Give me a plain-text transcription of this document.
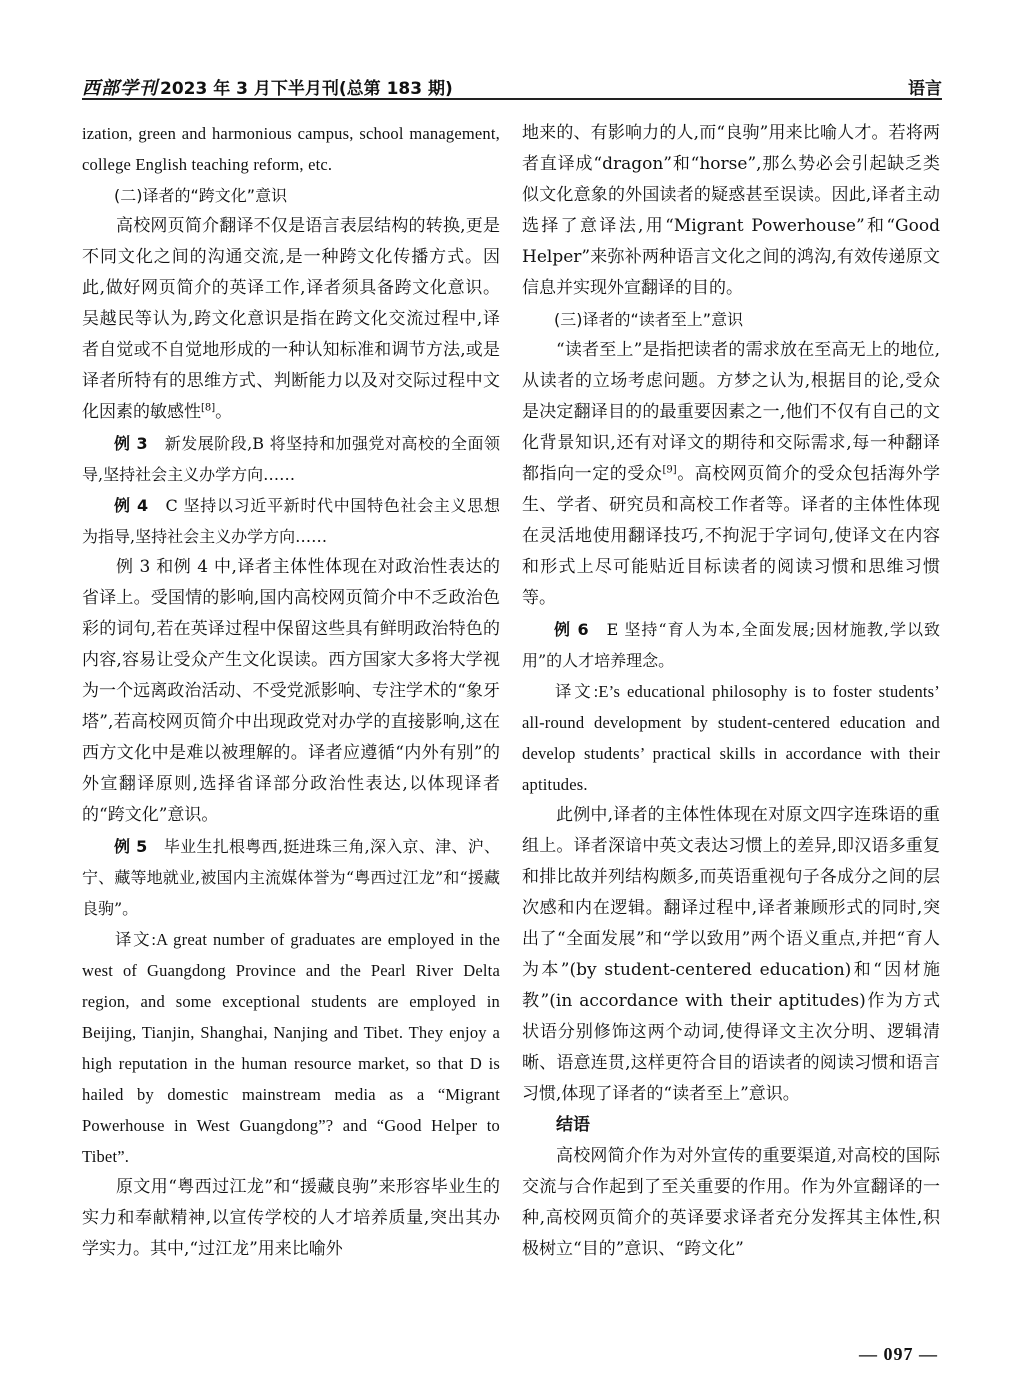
西部学刊 2023 年 3 月下半月刊(总第 183 期)	语言

ization, green and harmonious campus, school management, college English teaching reform, etc.

(二)译者的“跨文化”意识

高校网页简介翻译不仅是语言表层结构的转换,更是不同文化之间的沟通交流,是一种跨文化传播方式。因此,做好网页简介的英译工作,译者须具备跨文化意识。吴越民等认为,跨文化意识是指在跨文化交流过程中,译者自觉或不自觉地形成的一种认知标准和调节方法,或是译者所特有的思维方式、判断能力以及对交际过程中文化因素的敏感性[8]。

例 3　 新发展阶段,B 将坚持和加强党对高校的全面领导,坚持社会主义办学方向……

例 4　 C 坚持以习近平新时代中国特色社会主义思想为指导,坚持社会主义办学方向……

例 3 和例 4 中,译者主体性体现在对政治性表达的省译上。受国情的影响,国内高校网页简介中不乏政治色彩的词句,若在英译过程中保留这些具有鲜明政治特色的内容,容易让受众产生文化误读。西方国家大多将大学视为一个远离政治活动、不受党派影响、专注学术的“象牙塔”,若高校网页简介中出现政党对办学的直接影响,这在西方文化中是难以被理解的。译者应遵循“内外有别”的外宣翻译原则,选择省译部分政治性表达,以体现译者的“跨文化”意识。

例 5　 毕业生扎根粤西,挺进珠三角,深入京、津、沪、宁、藏等地就业,被国内主流媒体誉为“粤西过江龙”和“援藏良驹”。

译文:A great number of graduates are employed in the west of Guangdong Province and the Pearl River Delta region, and some exceptional students are employed in Beijing, Tianjin, Shanghai, Nanjing and Tibet. They enjoy a high reputation in the human resource market, so that D is hailed by domestic mainstream media as a “Migrant Powerhouse in West Guangdong”? and “Good Helper to Tibet”.

原文用“粤西过江龙”和“援藏良驹”来形容毕业生的实力和奉献精神,以宣传学校的人才培养质量,突出其办学实力。其中,“过江龙”用来比喻外

地来的、有影响力的人,而“良驹”用来比喻人才。若将两者直译成“dragon”和“horse”,那么势必会引起缺乏类似文化意象的外国读者的疑惑甚至误读。因此,译者主动选择了意译法,用“Migrant Powerhouse”和“Good Helper”来弥补两种语言文化之间的鸿沟,有效传递原文信息并实现外宣翻译的目的。

(三)译者的“读者至上”意识

“读者至上”是指把读者的需求放在至高无上的地位,从读者的立场考虑问题。方梦之认为,根据目的论,受众是决定翻译目的的最重要因素之一,他们不仅有自己的文化背景知识,还有对译文的期待和交际需求,每一种翻译都指向一定的受众[9]。高校网页简介的受众包括海外学生、学者、研究员和高校工作者等。译者的主体性体现在灵活地使用翻译技巧,不拘泥于字词句,使译文在内容和形式上尽可能贴近目标读者的阅读习惯和思维习惯等。

例 6　 E 坚持“育人为本,全面发展;因材施教,学以致用”的人才培养理念。

译文:E’s educational philosophy is to foster students’ all-round development by student-centered education and develop students’ practical skills in accordance with their aptitudes.

此例中,译者的主体性体现在对原文四字连珠语的重组上。译者深谙中英文表达习惯上的差异,即汉语多重复和排比故并列结构颇多,而英语重视句子各成分之间的层次感和内在逻辑。翻译过程中,译者兼顾形式的同时,突出了“全面发展”和“学以致用”两个语义重点,并把“育人为本”(by student-centered education)和“因材施教”(in accordance with their aptitudes)作为方式状语分别修饰这两个动词,使得译文主次分明、逻辑清晰、语意连贯,这样更符合目的语读者的阅读习惯和语言习惯,体现了译者的“读者至上”意识。

结语

高校网简介作为对外宣传的重要渠道,对高校的国际交流与合作起到了至关重要的作用。作为外宣翻译的一种,高校网页简介的英译要求译者充分发挥其主体性,积极树立“目的”意识、“跨文化”

— 097 —
